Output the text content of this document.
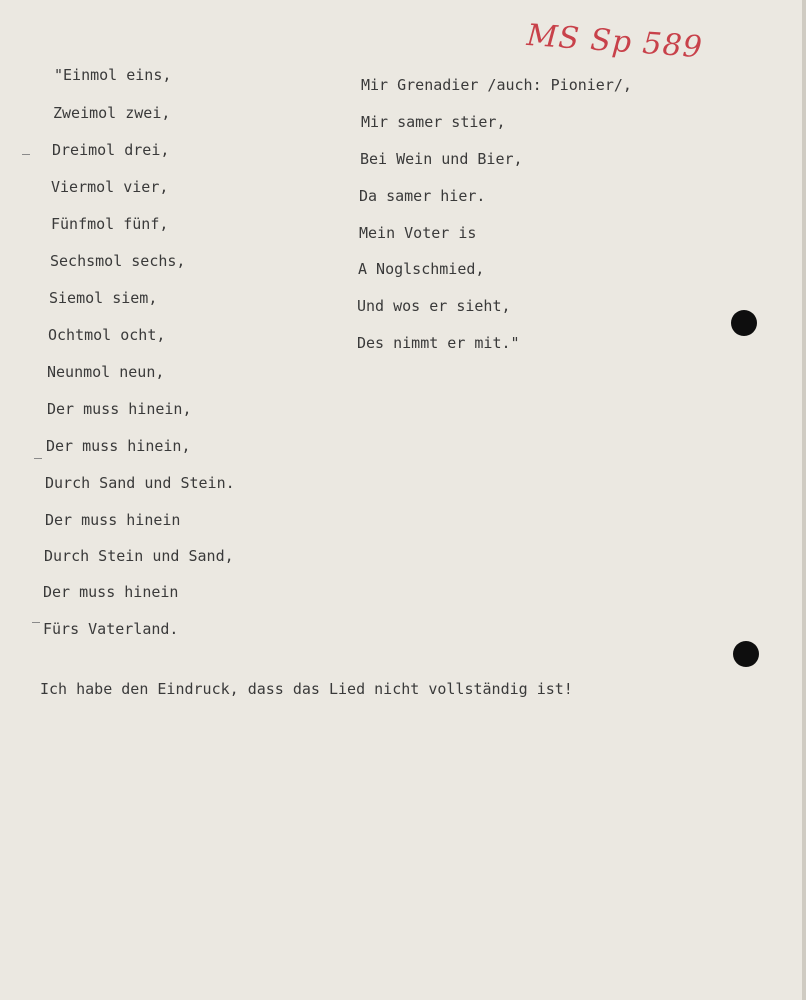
MS Sp 589
"Einmol eins,
Zweimol zwei,
Dreimol drei,
Viermol vier,
Fünfmol fünf,
Sechsmol sechs,
Siemol siem,
Ochtmol ocht,
Neunmol neun,
Der muss hinein,
Der muss hinein,
Durch Sand und Stein.
Der muss hinein
Durch Stein und Sand,
Der muss hinein
Fürs Vaterland.
Mir Grenadier /auch: Pionier/,
Mir samer stier,
Bei Wein und Bier,
Da samer hier.
Mein Voter is
A Noglschmied,
Und wos er sieht,
Des nimmt er mit."
Ich habe den Eindruck, dass das Lied nicht vollständig ist!
